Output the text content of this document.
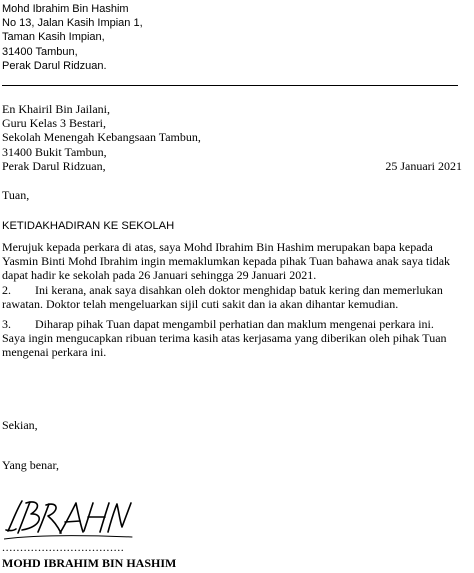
Mohd Ibrahim Bin Hashim
No 13, Jalan Kasih Impian 1,
Taman Kasih Impian,
31400 Tambun,
Perak Darul Ridzuan.
En Khairil Bin Jailani,
Guru Kelas 3 Bestari,
Sekolah Menengah Kebangsaan Tambun,
31400 Bukit Tambun,
Perak Darul Ridzuan,	25 Januari 2021
Tuan,
KETIDAKHADIRAN KE SEKOLAH
Merujuk kepada perkara di atas, saya Mohd Ibrahim Bin Hashim merupakan bapa kepada
Yasmin Binti Mohd Ibrahim ingin memaklumkan kepada pihak Tuan bahawa anak saya tidak
dapat hadir ke sekolah pada 26 Januari sehingga 29 Januari 2021.
2. Ini kerana, anak saya disahkan oleh doktor menghidap batuk kering dan memerlukan
rawatan. Doktor telah mengeluarkan sijil cuti sakit dan ia akan dihantar kemudian.
3. Diharap pihak Tuan dapat mengambil perhatian dan maklum mengenai perkara ini.
Saya ingin mengucapkan ribuan terima kasih atas kerjasama yang diberikan oleh pihak Tuan
mengenai perkara ini.
Sekian,
Yang benar,
..................................
MOHD IBRAHIM BIN HASHIM
